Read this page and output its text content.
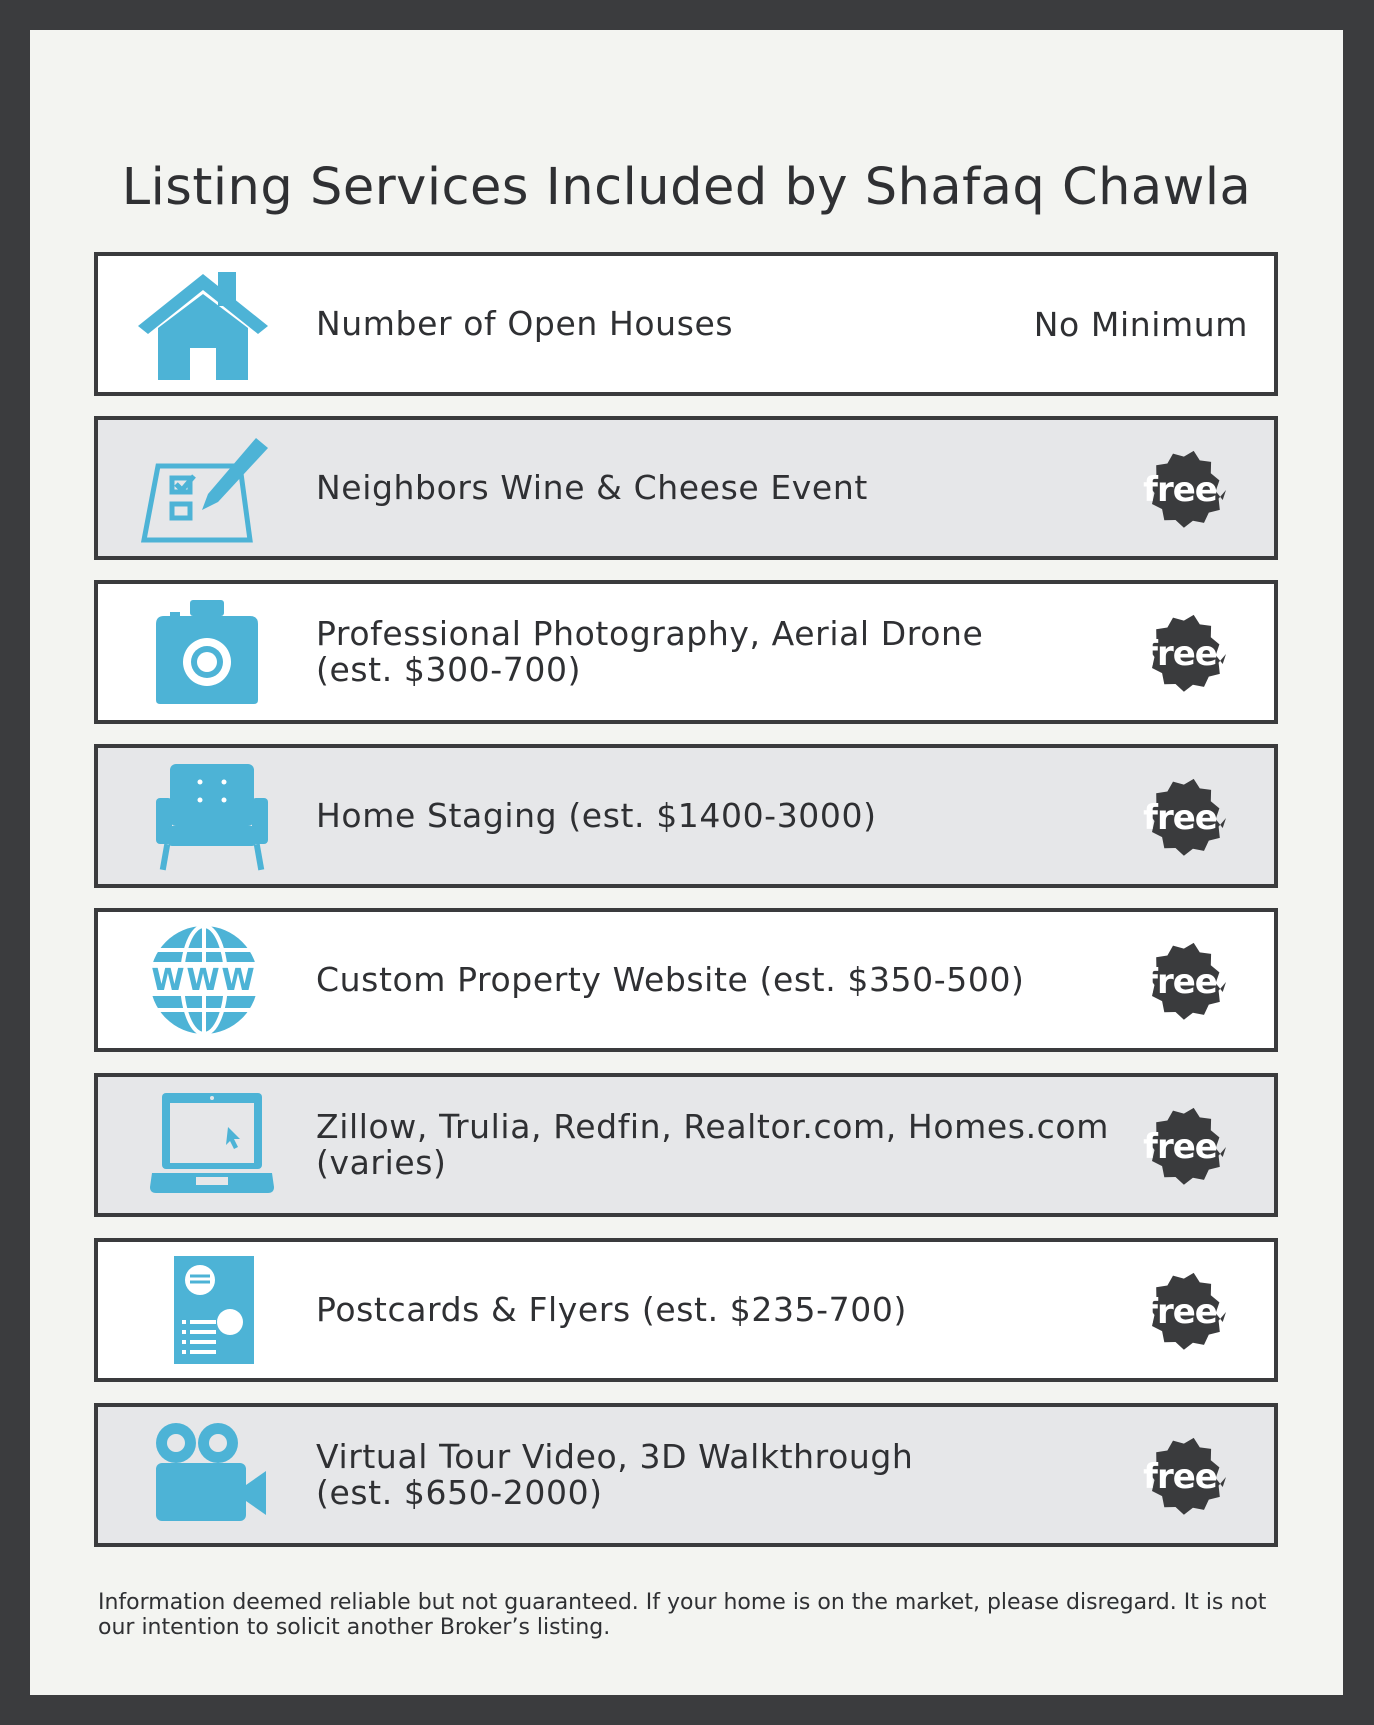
Listing Services Included by Shafaq Chawla
Number of Open Houses	No Minimum
Neighbors Wine & Cheese Event	free
Professional Photography, Aerial Drone
(est. $300-700)	free
Home Staging (est. $1400-3000)	free
WWW Custom Property Website (est. $350-500)	free
Zillow, Trulia, Redfin, Realtor.com, Homes.com
(varies)	free
Postcards & Flyers (est. $235-700)	free
Virtual Tour Video, 3D Walkthrough
(est. $650-2000)	free
Information deemed reliable but not guaranteed. If your home is on the market, please disregard. It is not our intention to solicit another Broker’s listing.
